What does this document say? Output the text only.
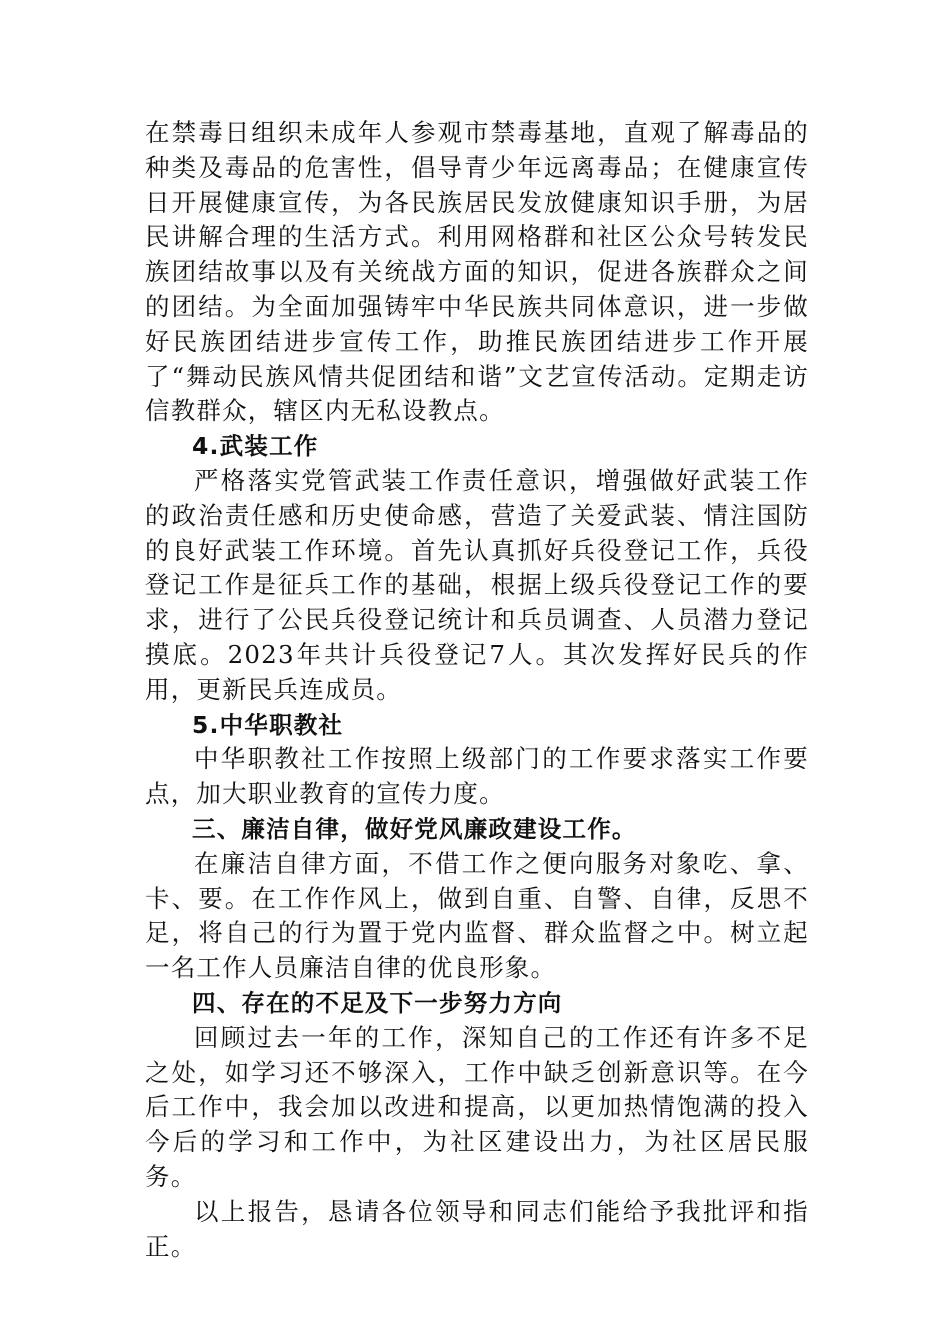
在禁毒日组织未成年人参观市禁毒基地，直观了解毒品的种类及毒品的危害性，倡导青少年远离毒品；在健康宣传日开展健康宣传，为各民族居民发放健康知识手册，为居民讲解合理的生活方式。利用网格群和社区公众号转发民族团结故事以及有关统战方面的知识，促进各族群众之间的团结。为全面加强铸牢中华民族共同体意识，进一步做好民族团结进步宣传工作，助推民族团结进步工作开展了“舞动民族风情共促团结和谐”文艺宣传活动。定期走访信教群众，辖区内无私设教点。

4.武装工作

严格落实党管武装工作责任意识，增强做好武装工作的政治责任感和历史使命感，营造了关爱武装、情注国防的良好武装工作环境。首先认真抓好兵役登记工作，兵役登记工作是征兵工作的基础，根据上级兵役登记工作的要求，进行了公民兵役登记统计和兵员调查、人员潜力登记摸底。2023年共计兵役登记7人。其次发挥好民兵的作用，更新民兵连成员。

5.中华职教社

中华职教社工作按照上级部门的工作要求落实工作要点，加大职业教育的宣传力度。

三、廉洁自律，做好党风廉政建设工作。

在廉洁自律方面，不借工作之便向服务对象吃、拿、卡、要。在工作作风上，做到自重、自警、自律，反思不足，将自己的行为置于党内监督、群众监督之中。树立起一名工作人员廉洁自律的优良形象。

四、存在的不足及下一步努力方向

回顾过去一年的工作，深知自己的工作还有许多不足之处，如学习还不够深入，工作中缺乏创新意识等。在今后工作中，我会加以改进和提高，以更加热情饱满的投入今后的学习和工作中，为社区建设出力，为社区居民服务。

以上报告，恳请各位领导和同志们能给予我批评和指正。
